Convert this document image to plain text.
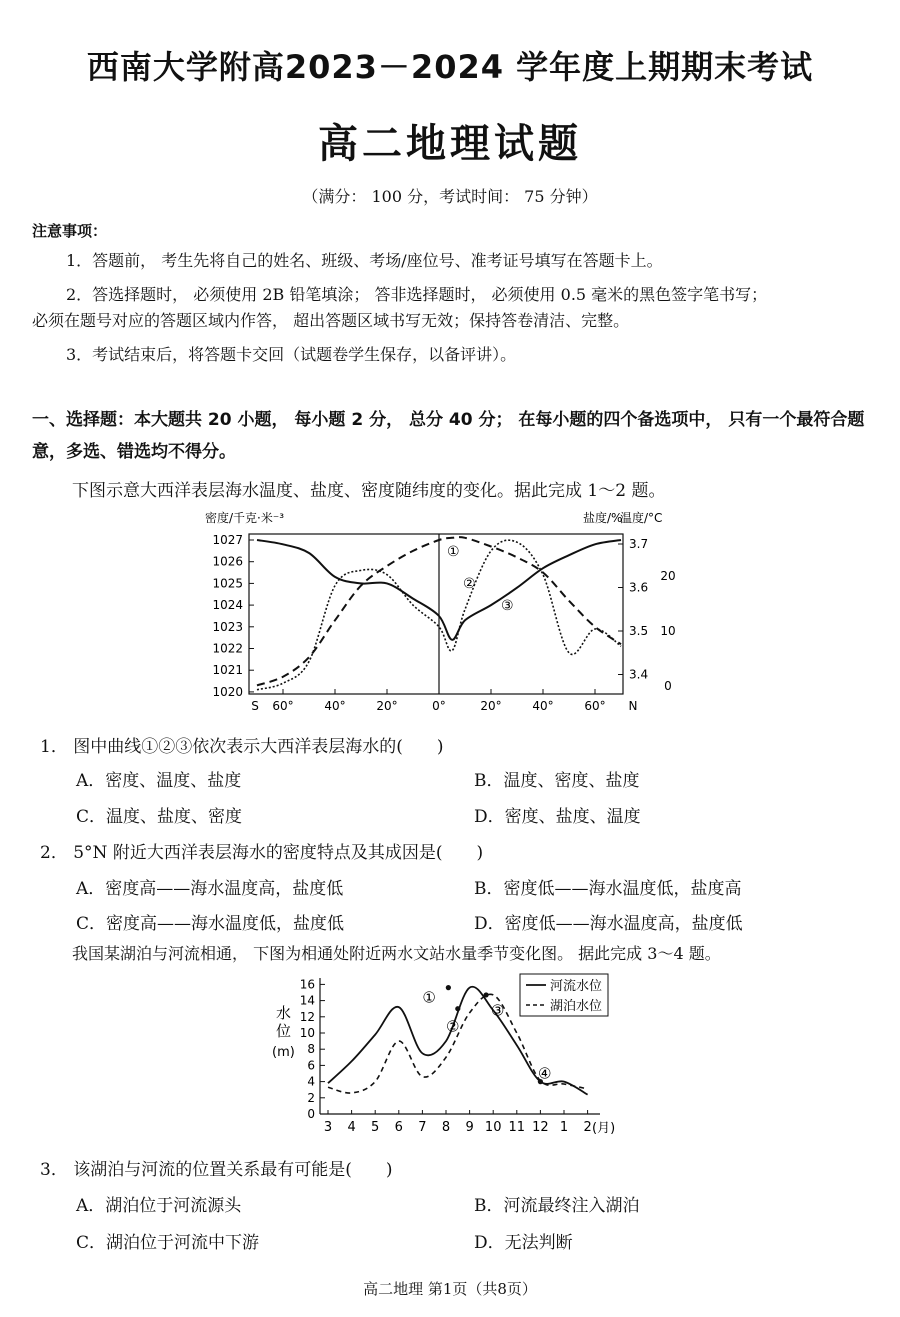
西南大学附高2023－2024 学年度上期期末考试
高二地理试题
（满分： 100 分，考试时间： 75 分钟）
注意事项：
1．答题前， 考生先将自己的姓名、班级、考场/座位号、准考证号填写在答题卡上。
2．答选择题时， 必须使用 2B 铅笔填涂； 答非选择题时， 必须使用 0.5 毫米的黑色签字笔书写；
必须在题号对应的答题区域内作答， 超出答题区域书写无效；保持答卷清洁、完整。
3．考试结束后，将答题卡交回（试题卷学生保存，以备评讲）。
一、选择题：本大题共 20 小题， 每小题 2 分， 总分 40 分； 在每小题的四个备选项中， 只有一个最符合题意，多选、错选均不得分。
下图示意大西洋表层海水温度、盐度、密度随纬度的变化。据此完成 1～2 题。
密度/千克·米⁻³	盐度/%
温度/°C
1027
1026
1025
1024
1023
1022
1021
1020
3.7
3.6
3.5
3.4
20
10
0
S 60°	40°	20°	0°	20°	40°	60° N
①
②
③
1． 图中曲线①②③依次表示大西洋表层海水的(　　)
A．密度、温度、盐度	B．温度、密度、盐度
C．温度、盐度、密度	D．密度、盐度、温度
2． 5°N 附近大西洋表层海水的密度特点及其成因是(　　)
A．密度高——海水温度高，盐度低	B．密度低——海水温度低，盐度高
C．密度高——海水温度低，盐度低	D．密度低——海水温度高，盐度低
我国某湖泊与河流相通， 下图为相通处附近两水文站水量季节变化图。 据此完成 3～4 题。
水
位
(m)
16
14
12
10
8
6
4
2
0
3 4 5 6 7 8 9 10 11 12 1 2 (月)
①
②
③
④
河流水位
湖泊水位
3． 该湖泊与河流的位置关系最有可能是(　　)
A．湖泊位于河流源头	B．河流最终注入湖泊
C．湖泊位于河流中下游	D．无法判断
高二地理 第1页（共8页）
